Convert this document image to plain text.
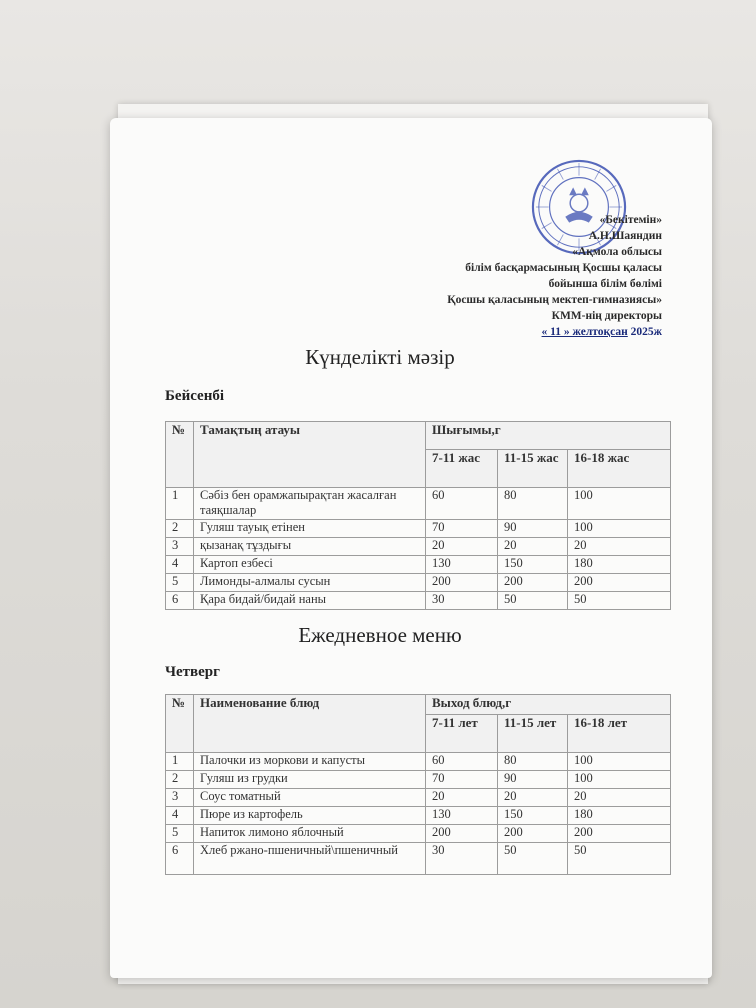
«Бекітемін»
А.Н.Шаяндин
«Ақмола облысы
білім басқармасының Қосшы қаласы
бойынша білім бөлімі
Қосшы қаласының мектеп-гимназиясы»
КММ-нің директоры
« 11 » желтоқсан 2025ж
Күнделікті мәзір
Бейсенбі
№	Тамақтың атауы	Шығымы,г		
		7-11 жас	11-15 жас	16-18 жас
1	Сәбіз бен орамжапырақтан жасалған таяқшалар	60	80	100
2	Гуляш тауық етінен	70	90	100
3	қызанақ тұздығы	20	20	20
4	Картоп езбесі	130	150	180
5	Лимонды-алмалы сусын	200	200	200
6	Қара бидай/бидай наны	30	50	50
Ежедневное меню
Четверг
№	Наименование блюд	Выход блюд,г		
		7-11 лет	11-15 лет	16-18 лет
1	Палочки из моркови и капусты	60	80	100
2	Гуляш из грудки	70	90	100
3	Соус томатный	20	20	20
4	Пюре из картофель	130	150	180
5	Напиток лимоно яблочный	200	200	200
6	Хлеб ржано-пшеничный\пшеничный	30	50	50
